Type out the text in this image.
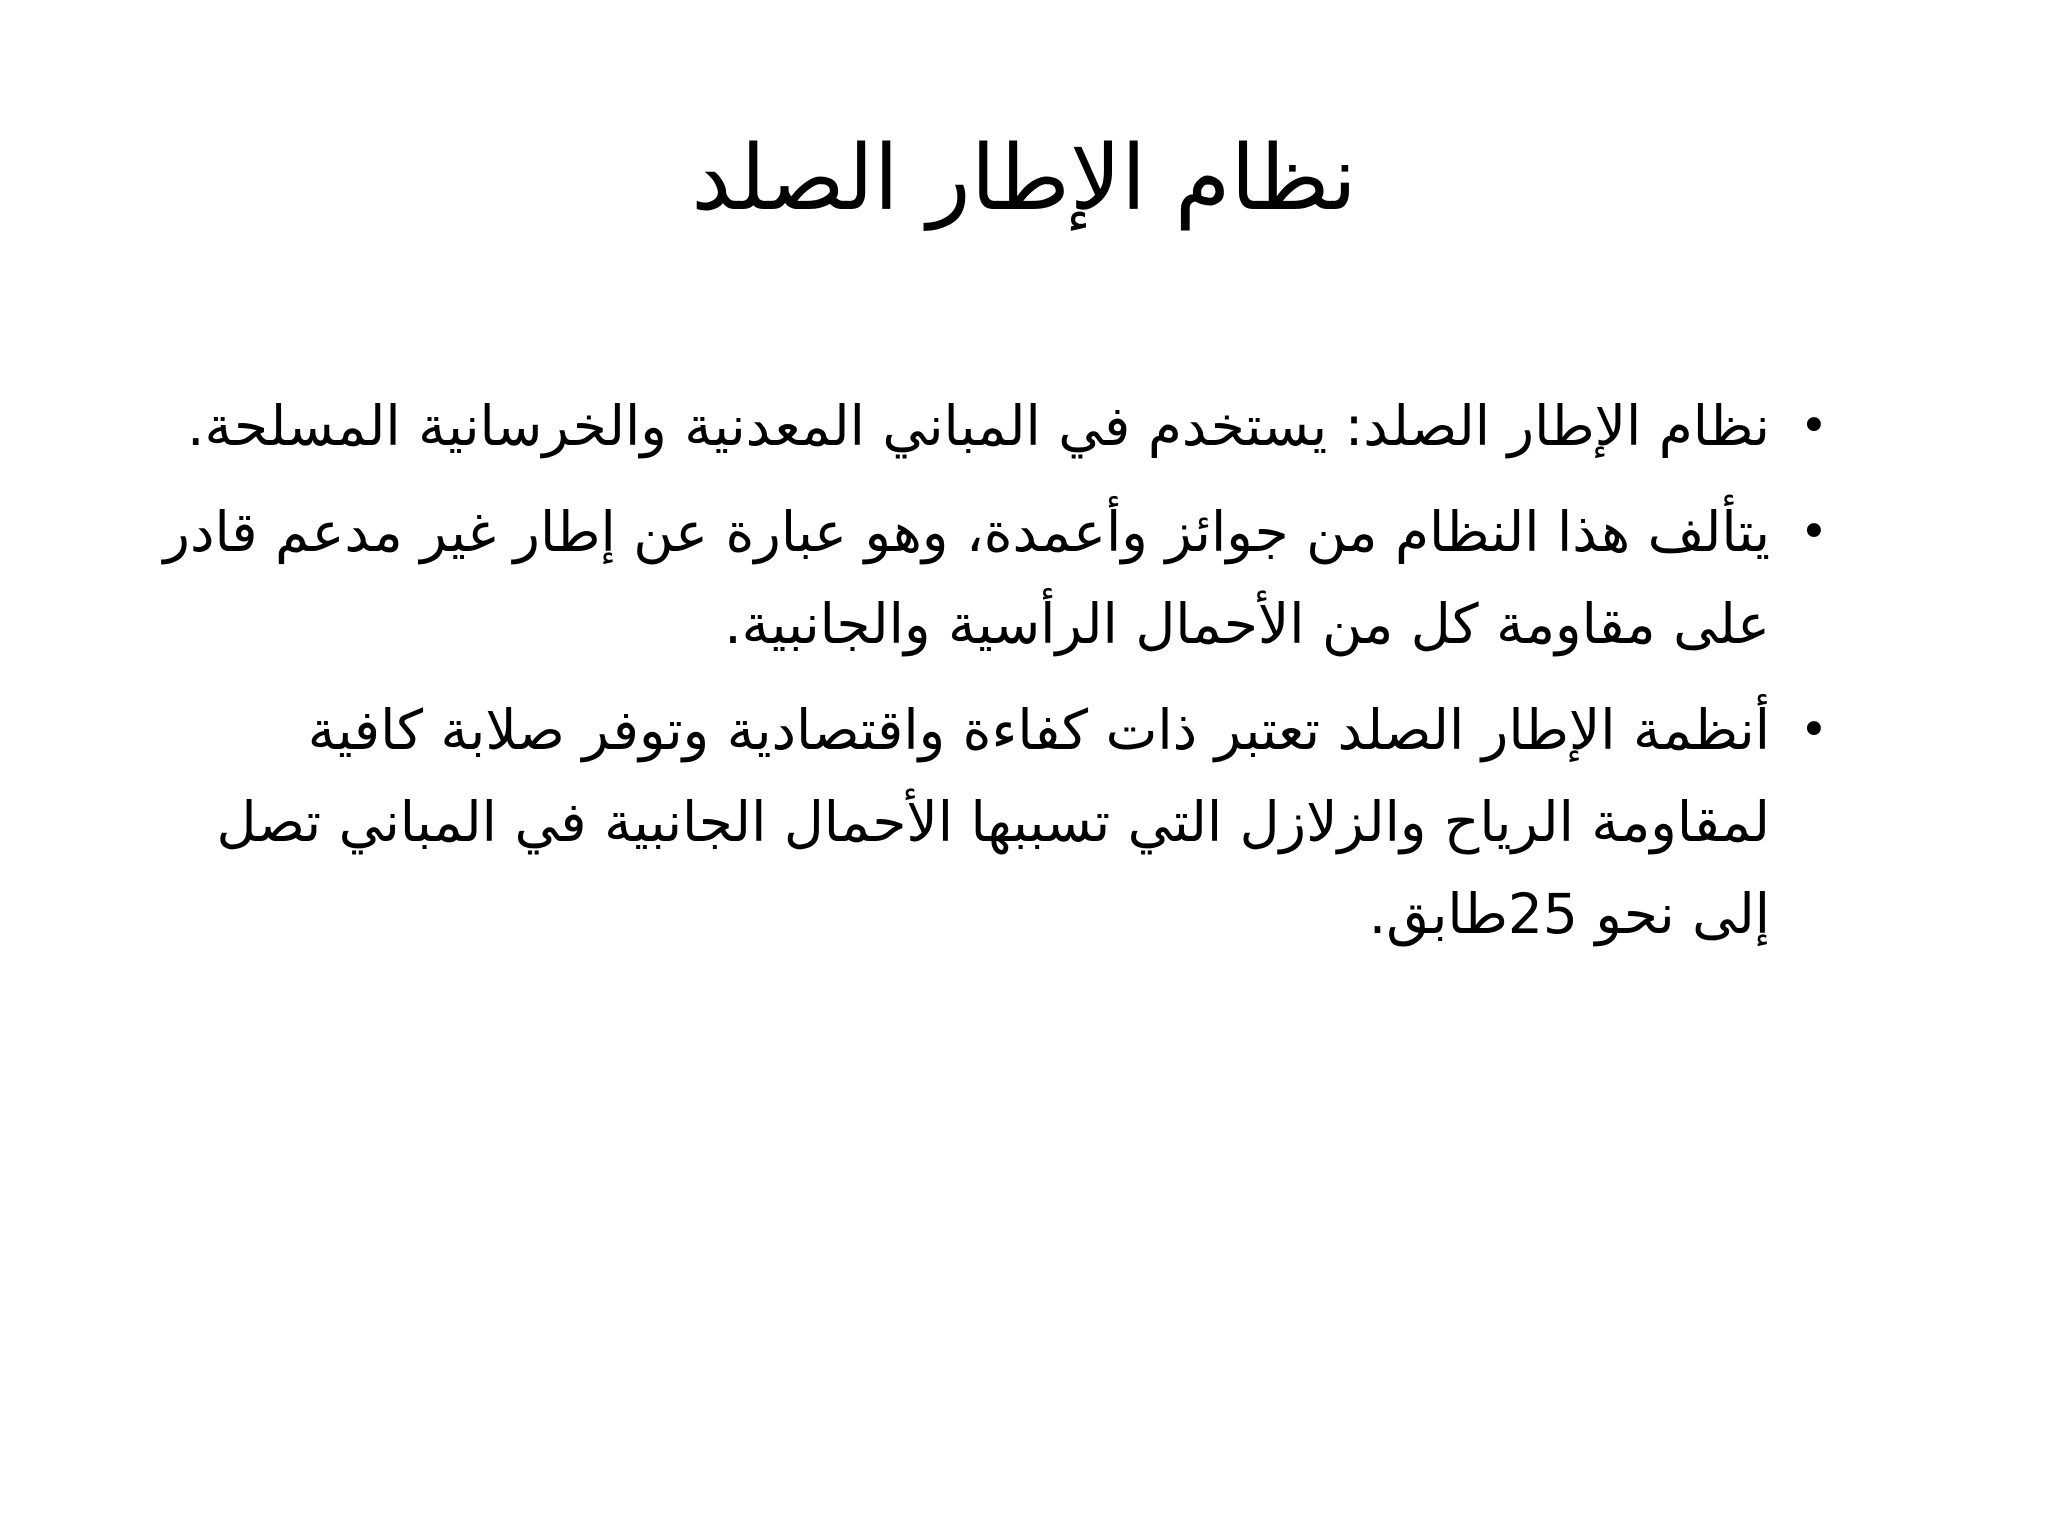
نظام الإطار الصلد
•
نظام الإطار الصلد: يستخدم في المباني المعدنية والخرسانية المسلحة.
•
يتألف هذا النظام من جوائز وأعمدة، وهو عبارة عن إطار غير مدعم قادر على مقاومة كل من الأحمال الرأسية والجانبية.
•
أنظمة الإطار الصلد تعتبر ذات كفاءة واقتصادية وتوفر صلابة كافية لمقاومة الرياح والزلازل التي تسببها الأحمال الجانبية في المباني تصل إلى نحو 25طابق.
